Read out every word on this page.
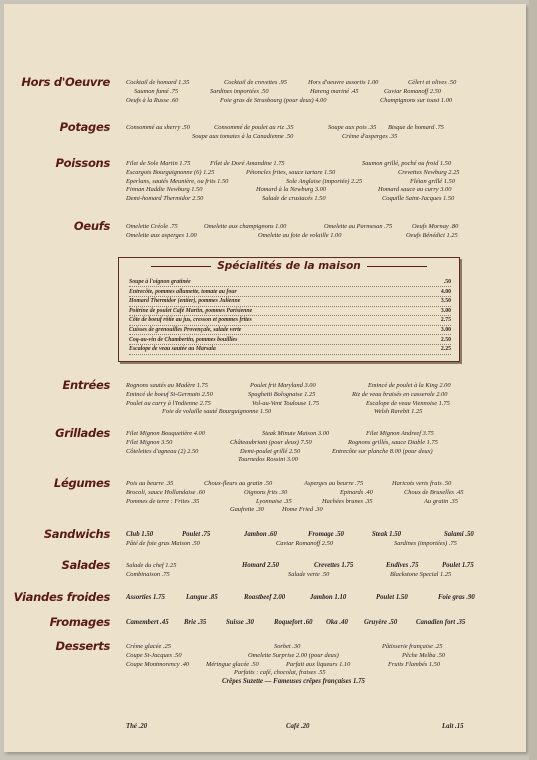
Hors d'Oeuvre	Cocktail de homard 1.35	Cocktail de crevettes .95	Hors d'oeuvre assortis 1.00	Céleri et olives .50
Saumon fumé .75	Sardines importées .50	Hareng mariné .45	Caviar Romanoff 2.50
Oeufs à la Russe .60	Foie gras de Strasbourg (pour deux) 4.00	Champignons sur toast 1.00
Potages	Consommé au sherry .50	Consommé de poulet au riz .35	Soupe aux pois .35 Bisque de homard .75
Soupe aux tomates à la Canadienne .50	Crème d'asperges .35
Poissons	Filet de Sole Martin 1.75	Filet de Doré Amandine 1.75	Saumon grillé, poché ou froid 1.50
Escargots Bourguignonne (6) 1.25	Pétoncles frites, sauce tartare 1.50	Crevettes Newburg 2.25
Eperlans, sautés Meunière, ou frits 1.50	Sole Anglaise (importée) 2.25	Flétan grillé 1.50
Finnan Haddie Newburg 1.50	Homard à la Newburg 3.00	Homard sauce au curry 3.00
Demi-homard Thermidor 2.50	Salade de crustacés 1.50	Coquille Saint-Jacques 1.50
Oeufs	Omelette Créole .75	Omelette aux champignons 1.00	Omelette au Parmesan .75	Oeufs Mornay .80
Omelette aux asperges 1.00	Omelette au foie de volaille 1.00	Oeufs Bénédict 1.25
Entrées	Rognons sautés au Madère 1.75	Poulet frit Maryland 3.00	Emincé de poulet à la King 2.00
Emincé de boeuf St-Germain 2.50	Spaghetti Bolognaise 1.25	Riz de veau braisés en casserole 2.00
Poulet au curry à l'Indienne 2.75	Vol-au-Vent Toulouse 1.75	Escalope de veau Viennoise 1.75
Foie de volaille sauté Bourguignonne 1.50	Welsh Rarebit 1.25
Grillades	Filet Mignon Bouquetière 4.00	Steak Minute Maison 3.00	Filet Mignon Andreef 3.75
Filet Mignon 3.50	Châteaubriant (pour deux) 7.50	Rognons grillés, sauce Diable 1.75
Côtelettes d'agneau (2) 2.50	Demi-poulet grillé 2.50	Entrecôte sur planche 8.00 (pour deux)
Tournedos Rossini 3.00
Légumes	Pois au beurre .35	Choux-fleurs au gratin .50	Asperges au beurre .75	Haricots verts frais .50
Brocoli, sauce Hollandaise .60	Oignons frits .30	Epinards .40	Choux de Bruxelles .45
Pommes de terre : Frites .35	Lyonnaise .35	Hachées brunes .35	Au gratin .35
Gaufrette .30	Home Fried .30
Sandwichs Club 1.50	Poulet .75	Jambon .60	Fromage .50	Steak 1.50	Salami .50
Pâté de foie gras Maison .50	Caviar Romanoff 2.50	Sardines (importées) .75
Salades	Salade du chef 1.25	Homard 2.50	Crevettes 1.75	Endives .75	Poulet 1.75
Combinaison .75	Salade verte .50	Blackstone Special 1.25
Viandes froides Assorties 1.75	Langue .85	Roastbeef 2.00	Jambon 1.10	Poulet 1.50	Foie gras .90
Fromages Camembert .45 Brie .35	Suisse .30	Roquefort .60 Oka .40 Gruyère .50	Canadien fort .35
Desserts	Crème glacée .25	Sorbet .30	Pâtisserie française .25
Coupe St-Jacques .50	Omelette Surprise 2.00 (pour deux)	Pêche Melba .50
Coupe Montmorency .40	Méringue glacée .50	Parfait aux liqueurs 1.10	Fruits Flambés 1.50
Parfaits : café, chocolat, fraises .55
Crêpes Suzette — Fameuses crêpes françaises 1.75
Thé .20	Café .20	Lait .15
Spécialités de la maison
Soupe à l'oignon gratinée	.50
Entrecôte, pommes allumette, tomate au four	4.00
Homard Thermidor (entier), pommes Julienne	3.50
Poitrine de poulet Café Martin, pommes Parisienne	3.00
Côte de boeuf rôtie au jus, cresson et pommes frites	2.75
Cuisses de grenouilles Provençale, salade verte	3.00
Coq-au-vin de Chambertin, pommes bouillies	2.50
Escalope de veau sautée au Marsala	2.25
